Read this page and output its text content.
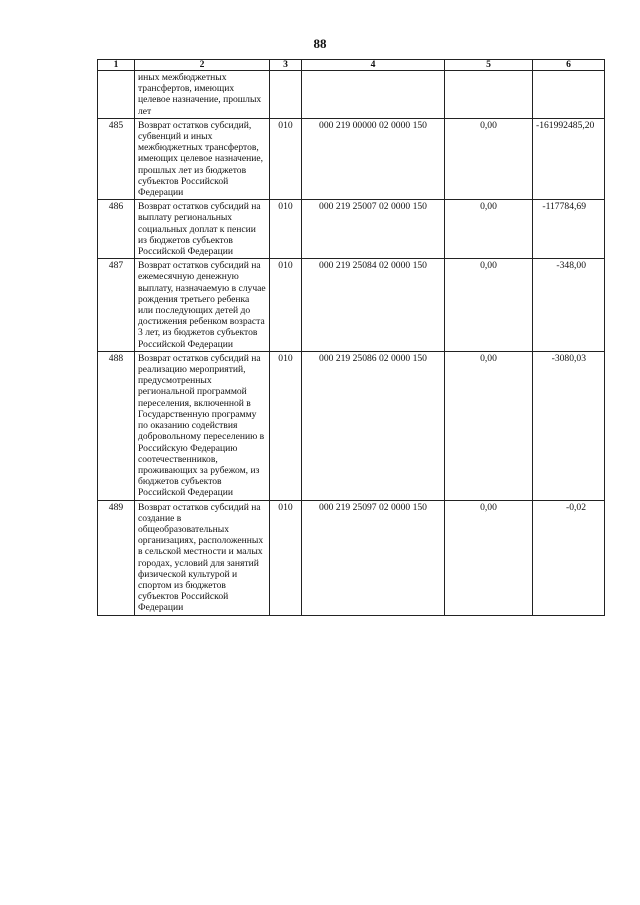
88
1	2	3	4	5	6
	иных межбюджетных трансфертов, имеющих целевое назначение, прошлых лет				
485	Возврат остатков субсидий, субвенций и иных межбюджетных трансфертов, имеющих целевое назначение, прошлых лет из бюджетов субъектов Российской Федерации	010	000 219 00000 02 0000 150	0,00	-161992485,20
486	Возврат остатков субсидий на выплату региональных социальных доплат к пенсии из бюджетов субъектов Российской Федерации	010	000 219 25007 02 0000 150	0,00	-117784,69
487	Возврат остатков субсидий на ежемесячную денежную выплату, назначаемую в случае рождения третьего ребенка или последующих детей до достижения ребенком возраста 3 лет, из бюджетов субъектов Российской Федерации	010	000 219 25084 02 0000 150	0,00	-348,00
488	Возврат остатков субсидий на реализацию мероприятий, предусмотренных региональной программой переселения, включенной в Государственную программу по оказанию содействия добровольному переселению в Российскую Федерацию соотечественников, проживающих за рубежом, из бюджетов субъектов Российской Федерации	010	000 219 25086 02 0000 150	0,00	-3080,03
489	Возврат остатков субсидий на создание в общеобразовательных организациях, расположенных в сельской местности и малых городах, условий для занятий физической культурой и спортом из бюджетов субъектов Российской Федерации	010	000 219 25097 02 0000 150	0,00	-0,02
